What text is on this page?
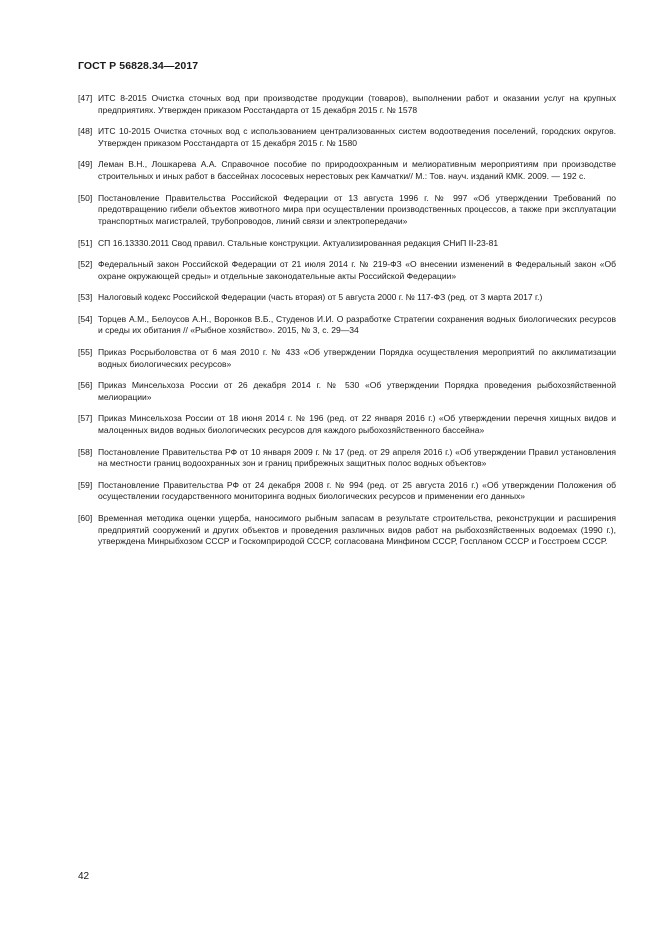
ГОСТ Р 56828.34—2017

[47] ИТС 8-2015 Очистка сточных вод при производстве продукции (товаров), выполнении работ и оказании услуг на крупных предприятиях. Утвержден приказом Росстандарта от 15 декабря 2015 г. № 1578
[48] ИТС 10-2015 Очистка сточных вод с использованием централизованных систем водоотведения поселений, городских округов. Утвержден приказом Росстандарта от 15 декабря 2015 г. № 1580
[49] Леман В.Н., Лошкарева А.А. Справочное пособие по природоохранным и мелиоративным мероприятиям при производстве строительных и иных работ в бассейнах лососевых нерестовых рек Камчатки// М.: Тов. науч. изданий КМК. 2009. — 192 с.
[50] Постановление Правительства Российской Федерации от 13 августа 1996 г. № 997 «Об утверждении Требований по предотвращению гибели объектов животного мира при осуществлении производственных процессов, а также при эксплуатации транспортных магистралей, трубопроводов, линий связи и электропередачи»
[51] СП 16.13330.2011 Свод правил. Стальные конструкции. Актуализированная редакция СНиП II-23-81
[52] Федеральный закон Российской Федерации от 21 июля 2014 г. № 219-ФЗ «О внесении изменений в Федеральный закон «Об охране окружающей среды» и отдельные законодательные акты Российской Федерации»
[53] Налоговый кодекс Российской Федерации (часть вторая) от 5 августа 2000 г. № 117-ФЗ (ред. от 3 марта 2017 г.)
[54] Торцев А.М., Белоусов А.Н., Воронков В.Б., Студенов И.И. О разработке Стратегии сохранения водных биологических ресурсов и среды их обитания // «Рыбное хозяйство». 2015, № 3, с. 29—34
[55] Приказ Росрыболовства от 6 мая 2010 г. № 433 «Об утверждении Порядка осуществления мероприятий по акклиматизации водных биологических ресурсов»
[56] Приказ Минсельхоза России от 26 декабря 2014 г. № 530 «Об утверждении Порядка проведения рыбохозяйственной мелиорации»
[57] Приказ Минсельхоза России от 18 июня 2014 г. № 196 (ред. от 22 января 2016 г.) «Об утверждении перечня хищных видов и малоценных видов водных биологических ресурсов для каждого рыбохозяйственного бассейна»
[58] Постановление Правительства РФ от 10 января 2009 г. № 17 (ред. от 29 апреля 2016 г.) «Об утверждении Правил установления на местности границ водоохранных зон и границ прибрежных защитных полос водных объектов»
[59] Постановление Правительства РФ от 24 декабря 2008 г. № 994 (ред. от 25 августа 2016 г.) «Об утверждении Положения об осуществлении государственного мониторинга водных биологических ресурсов и применении его данных»
[60] Временная методика оценки ущерба, наносимого рыбным запасам в результате строительства, реконструкции и расширения предприятий сооружений и других объектов и проведения различных видов работ на рыбохозяйственных водоемах (1990 г.), утверждена Минрыбхозом СССР и Госкомприродой СССР, согласована Минфином СССР, Госпланом СССР и Госстроем СССР.

42
